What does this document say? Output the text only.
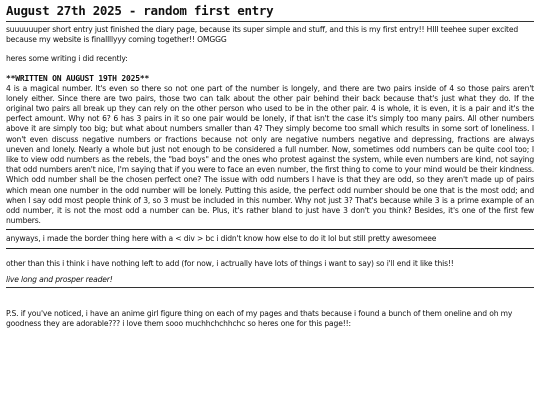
August 27th 2025 - random first entry

suuuuuuper short entry just finished the diary page, because its super simple and stuff, and this is my first entry!! HIII teehee super excited because my website is finallllyyy coming together!! OMGGG

heres some writing i did recently:

**WRITTEN ON AUGUST 19TH 2025**

4 is a magical number. It's even so there so not one part of the number is longely, and there are two pairs inside of 4 so those pairs aren't lonely either. Since there are two pairs, those two can talk about the other pair behind their back because that's just what they do. If the original two pairs all break up they can rely on the other person who used to be in the other pair. 4 is whole, it is even, it is a pair and it's the perfect amount. Why not 6? 6 has 3 pairs in it so one pair would be lonely, if that isn't the case it's simply too many pairs. All other numbers above it are simply too big; but what about numbers smaller than 4? They simply become too small which results in some sort of loneliness. I won't even discuss negative numbers or fractions because not only are negative numbers negative and depressing, fractions are always uneven and lonely. Nearly a whole but just not enough to be considered a full number. Now, sometimes odd numbers can be quite cool too; I like to view odd numbers as the rebels, the "bad boys" and the ones who protest against the system, while even numbers are kind, not saying that odd numbers aren't nice, I'm saying that if you were to face an even number, the first thing to come to your mind would be their kindness. Which odd number shall be the chosen perfect one? The issue with odd numbers I have is that they are odd, so they aren't made up of pairs which mean one number in the odd number will be lonely. Putting this aside, the perfect odd number should be one that is the most odd; and when I say odd most people think of 3, so 3 must be included in this number. Why not just 3? That's because while 3 is a prime example of an odd number, it is not the most odd a number can be. Plus, it's rather bland to just have 3 don't you think? Besides, it's one of the first few numbers.

anyways, i made the border thing here with a < div > bc i didn't know how else to do it lol but still pretty awesomeee

other than this i think i have nothing left to add (for now, i actrually have lots of things i want to say) so i'll end it like this!!

live long and prosper reader!

P.S. if you've noticed, i have an anime girl figure thing on each of my pages and thats because i found a bunch of them oneline and oh my goodness they are adorable??? i love them sooo muchhchchhchc so heres one for this page!!:
